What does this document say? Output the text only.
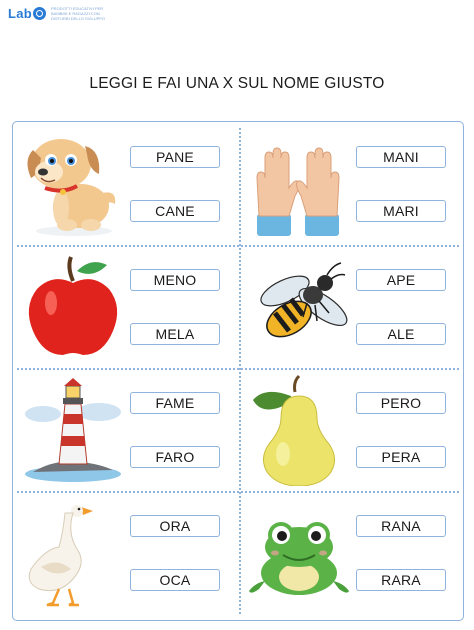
Lab	PRODOTTI EDUCATIVI PER BAMBINI E RAGAZZI CON DISTURBI DELLO SVILUPPO
LEGGI E FAI UNA X SUL NOME GIUSTO
PANE
CANE
MANI
MARI
MENO
MELA
APE
ALE
FAME
FARO
PERO
PERA
ORA
OCA
RANA
RARA
